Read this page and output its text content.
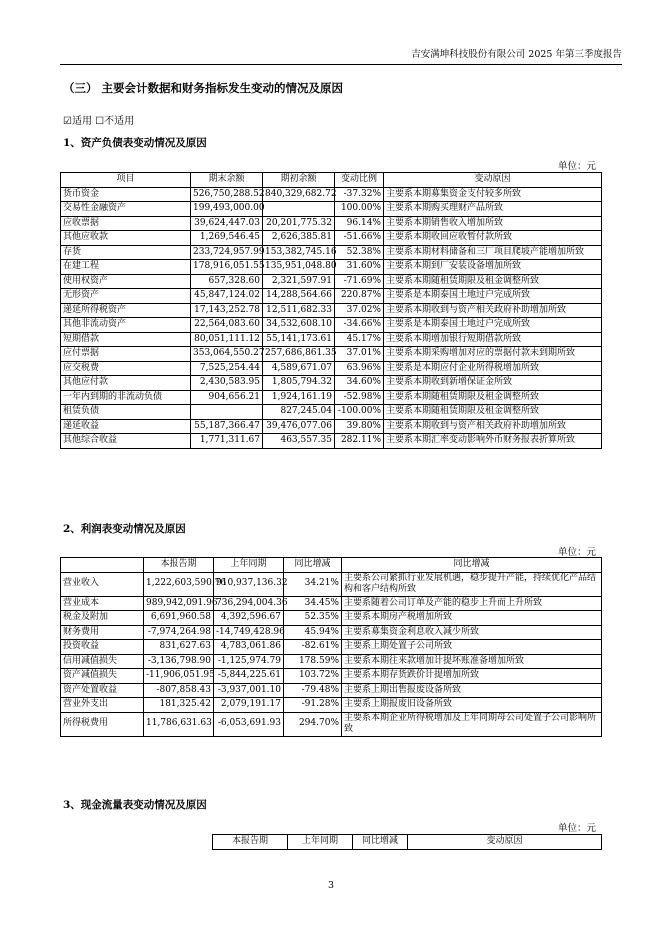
吉安满坤科技股份有限公司 2025 年第三季度报告
（三） 主要会计数据和财务指标发生变动的情况及原因
☑适用 ☐不适用
1、资产负债表变动情况及原因
单位：元
项目	期末余额	期初余额	变动比例	变动原因
货币资金	526,750,288.52	840,329,682.72	-37.32%	主要系本期募集资金支付较多所致
交易性金融资产	199,493,000.00		100.00%	主要系本期购买理财产品所致
应收票据	39,624,447.03	20,201,775.32	96.14%	主要系本期销售收入增加所致
其他应收款	1,269,546.45	2,626,385.81	-51.66%	主要系本期收回应收暂付款所致
存货	233,724,957.99	153,382,745.16	52.38%	主要系本期材料储备和三厂项目爬坡产能增加所致
在建工程	178,916,051.55	135,951,048.80	31.60%	主要系本期到厂安装设备增加所致
使用权资产	657,328.60	2,321,597.91	-71.69%	主要系本期随租赁期限及租金调整所致
无形资产	45,847,124.02	14,288,564.66	220.87%	主要系是本期泰国土地过户完成所致
递延所得税资产	17,143,252.78	12,511,682.33	37.02%	主要系本期收到与资产相关政府补助增加所致
其他非流动资产	22,564,083.60	34,532,608.10	-34.66%	主要系是本期泰国土地过户完成所致
短期借款	80,051,111.12	55,141,173.61	45.17%	主要系本期增加银行短期借款所致
应付票据	353,064,550.27	257,686,861.35	37.01%	主要系本期采购增加对应的票据付款未到期所致
应交税费	7,525,254.44	4,589,671.07	63.96%	主要系是本期应付企业所得税增加所致
其他应付款	2,430,583.95	1,805,794.32	34.60%	主要系本期收到新增保证金所致
一年内到期的非流动负债	904,656.21	1,924,161.19	-52.98%	主要系本期随租赁期限及租金调整所致
租赁负债		827,245.04	-100.00%	主要系本期随租赁期限及租金调整所致
递延收益	55,187,366.47	39,476,077.06	39.80%	主要系本期收到与资产相关政府补助增加所致
其他综合收益	1,771,311.67	463,557.35	282.11%	主要系本期汇率变动影响外币财务报表折算所致
2、利润表变动情况及原因
单位：元
	本报告期	上年同期	同比增减	同比增减
营业收入	1,222,603,590.76	910,937,136.32	34.21%	主要系公司紧抓行业发展机遇，稳步提升产能，持续优化产品结构和客户结构所致
营业成本	989,942,091.96	736,294,004.36	34.45%	主要系随着公司订单及产能的稳步上升而上升所致
税金及附加	6,691,960.58	4,392,596.67	52.35%	主要系本期房产税增加所致
财务费用	-7,974,264.98	-14,749,428.96	45.94%	主要系募集资金利息收入减少所致
投资收益	831,627.63	4,783,061.86	-82.61%	主要系上期处置子公司所致
信用减值损失	-3,136,798.90	-1,125,974.79	178.59%	主要系本期往来款增加计提坏账准备增加所致
资产减值损失	-11,906,051.95	-5,844,225.61	103.72%	主要系本期存货跌价计提增加所致
资产处置收益	-807,858.43	-3,937,001.10	-79.48%	主要系上期出售报废设备所致
营业外支出	181,325.42	2,079,191.17	-91.28%	主要系上期报废旧设备所致
所得税费用	11,786,631.63	-6,053,691.93	294.70%	主要系本期企业所得税增加及上年同期母公司处置子公司影响所致
3、现金流量表变动情况及原因
单位：元
本报告期	上年同期	同比增减	变动原因
3
